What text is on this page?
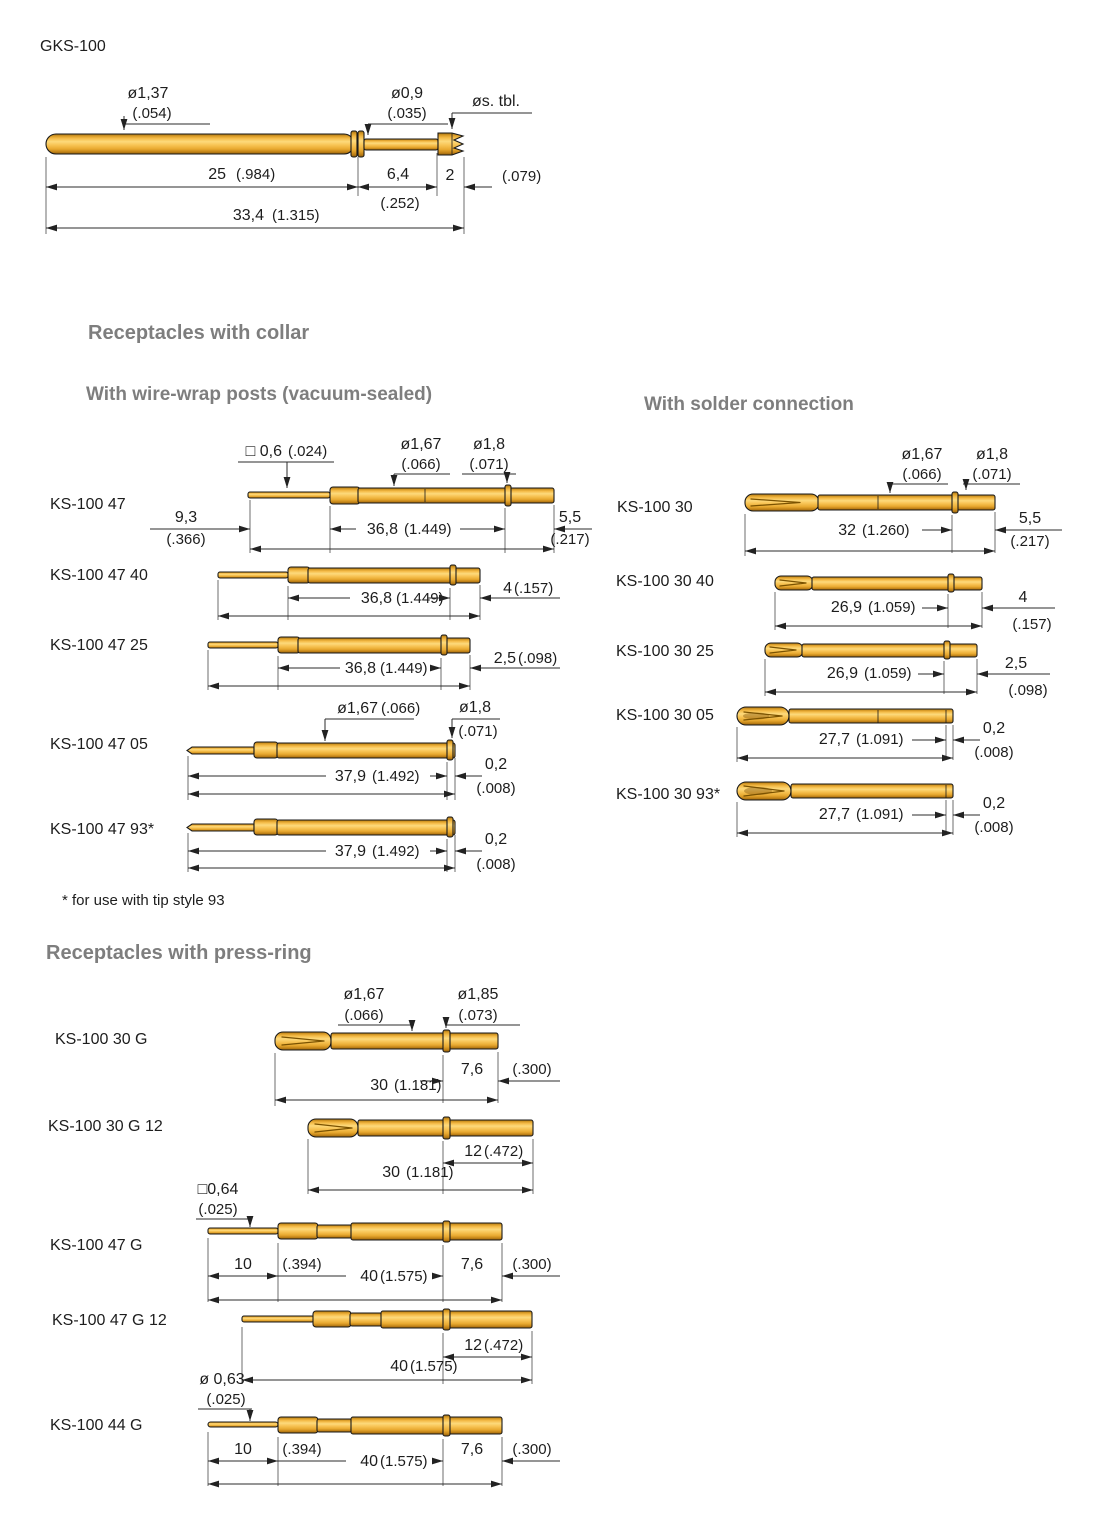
GKS-100
Receptacles with collar
With wire-wrap posts (vacuum-sealed)	With solder connection
* for use with tip style 93
Receptacles with press-ring
KS-100 47
KS-100 47 40
KS-100 47 25
KS-100 47 05
KS-100 47 93*
KS-100 30
KS-100 30 40
KS-100 30 25
KS-100 30 05
KS-100 30 93*
KS-100 30 G
KS-100 30 G 12
KS-100 47 G
KS-100 47 G 12
KS-100 44 G
ø1,37
(.054)
ø0,9
(.035)
øs. tbl.
25 (.984)	6,4
(.252)
2	(.079)
33,4 (1.315)
□ 0,6 (.024)	ø1,67
(.066)
ø1,8
(.071)
9,3
(.366)
36,8 (1.449)
5,5
(.217)
36,8 (1.449)
4 (.157)
36,8 (1.449)
2,5 (.098)
ø1,67 (.066) ø1,8
(.071)
37,9 (1.492)
0,2
(.008)
37,9 (1.492)
0,2
(.008)
ø1,67
(.066)
ø1,8
(.071)
32 (1.260)
5,5
(.217)
26,9 (1.059)
4
(.157)
26,9 (1.059)
2,5
(.098)
27,7 (1.091)
0,2
(.008)
27,7 (1.091)
0,2
(.008)
ø1,67
(.066)
ø1,85
(.073)
7,6 (.300)
30 (1.181)
12 (.472)
30 (1.181)
□0,64
(.025)
10 (.394)
40 (1.575)
7,6 (.300)
12 (.472)
40 (1.575)
ø 0,63
(.025)
10 (.394)
40 (1.575)
7,6 (.300)
